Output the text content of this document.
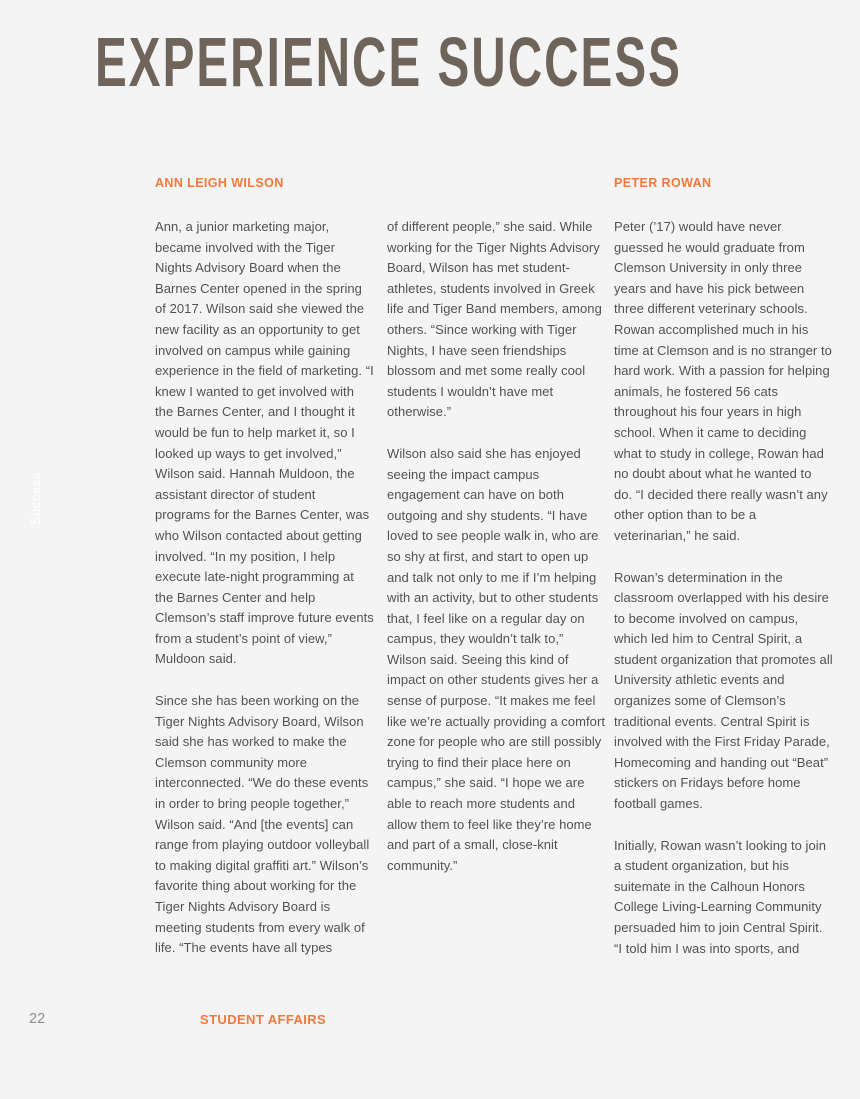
EXPERIENCE SUCCESS
Success
ANN LEIGH WILSON

Ann, a junior marketing major, became involved with the Tiger Nights Advisory Board when the Barnes Center opened in the spring of 2017. Wilson said she viewed the new facility as an opportunity to get involved on campus while gaining experience in the field of marketing. “I knew I wanted to get involved with the Barnes Center, and I thought it would be fun to help market it, so I looked up ways to get involved,” Wilson said. Hannah Muldoon, the assistant director of student programs for the Barnes Center, was who Wilson contacted about getting involved. “In my position, I help execute late-night programming at the Barnes Center and help Clemson’s staff improve future events from a student’s point of view,” Muldoon said.

Since she has been working on the Tiger Nights Advisory Board, Wilson said she has worked to make the Clemson community more interconnected. “We do these events in order to bring people together,” Wilson said. “And [the events] can range from playing outdoor volleyball to making digital graffiti art.” Wilson’s favorite thing about working for the Tiger Nights Advisory Board is meeting students from every walk of life. “The events have all types

of different people,” she said. While working for the Tiger Nights Advisory Board, Wilson has met student-athletes, students involved in Greek life and Tiger Band members, among others. “Since working with Tiger Nights, I have seen friendships blossom and met some really cool students I wouldn’t have met otherwise.”

Wilson also said she has enjoyed seeing the impact campus engagement can have on both outgoing and shy students. “I have loved to see people walk in, who are so shy at first, and start to open up and talk not only to me if I’m helping with an activity, but to other students that, I feel like on a regular day on campus, they wouldn’t talk to,” Wilson said. Seeing this kind of impact on other students gives her a sense of purpose. “It makes me feel like we’re actually providing a comfort zone for people who are still possibly trying to find their place here on campus,” she said. “I hope we are able to reach more students and allow them to feel like they’re home and part of a small, close-knit community.”

PETER ROWAN

Peter (’17) would have never guessed he would graduate from Clemson University in only three years and have his pick between three different veterinary schools. Rowan accomplished much in his time at Clemson and is no stranger to hard work. With a passion for helping animals, he fostered 56 cats throughout his four years in high school. When it came to deciding what to study in college, Rowan had no doubt about what he wanted to do. “I decided there really wasn’t any other option than to be a veterinarian,” he said.

Rowan’s determination in the classroom overlapped with his desire to become involved on campus, which led him to Central Spirit, a student organization that promotes all University athletic events and organizes some of Clemson’s traditional events. Central Spirit is involved with the First Friday Parade, Homecoming and handing out “Beat” stickers on Fridays before home football games.

Initially, Rowan wasn’t looking to join a student organization, but his suitemate in the Calhoun Honors College Living-Learning Community persuaded him to join Central Spirit. “I told him I was into sports, and

22	STUDENT AFFAIRS
